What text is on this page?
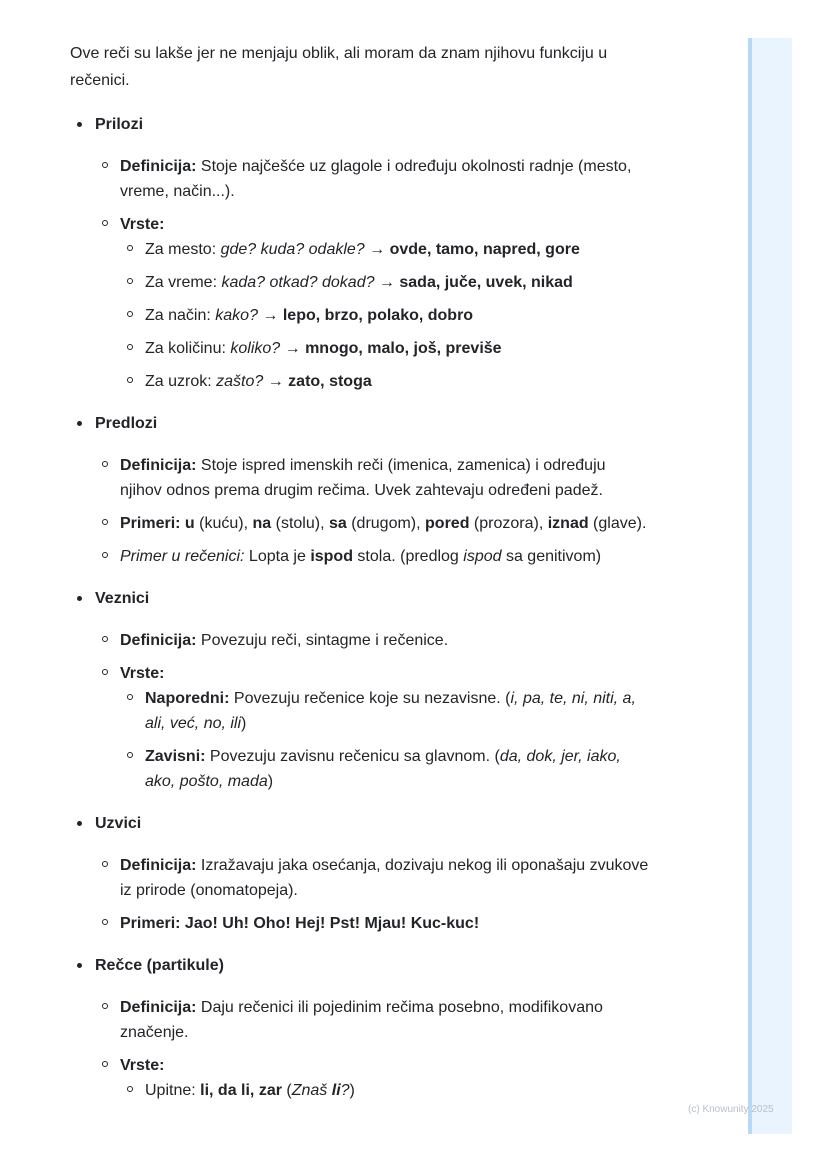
(c) Knowunity 2025

Ove reči su lakše jer ne menjaju oblik, ali moram da znam njihovu funkciju u rečenici.

Prilozi
Definicija: Stoje najčešće uz glagole i određuju okolnosti radnje (mesto, vreme, način...).
Vrste:
Za mesto: gde? kuda? odakle? → ovde, tamo, napred, gore
Za vreme: kada? otkad? dokad? → sada, juče, uvek, nikad
Za način: kako? → lepo, brzo, polako, dobro
Za količinu: koliko? → mnogo, malo, još, previše
Za uzrok: zašto? → zato, stoga
Predlozi
Definicija: Stoje ispred imenskih reči (imenica, zamenica) i određuju njihov odnos prema drugim rečima. Uvek zahtevaju određeni padež.
Primeri: u (kuću), na (stolu), sa (drugom), pored (prozora), iznad (glave).
Primer u rečenici: Lopta je ispod stola. (predlog ispod sa genitivom)
Veznici
Definicija: Povezuju reči, sintagme i rečenice.
Vrste:
Naporedni: Povezuju rečenice koje su nezavisne. (i, pa, te, ni, niti, a, ali, već, no, ili)
Zavisni: Povezuju zavisnu rečenicu sa glavnom. (da, dok, jer, iako, ako, pošto, mada)
Uzvici
Definicija: Izražavaju jaka osećanja, dozivaju nekog ili oponašaju zvukove iz prirode (onomatopeja).
Primeri: Jao! Uh! Oho! Hej! Pst! Mjau! Kuc-kuc!
Rečce (partikule)
Definicija: Daju rečenici ili pojedinim rečima posebno, modifikovano značenje.
Vrste:
Upitne: li, da li, zar (Znaš li?)
